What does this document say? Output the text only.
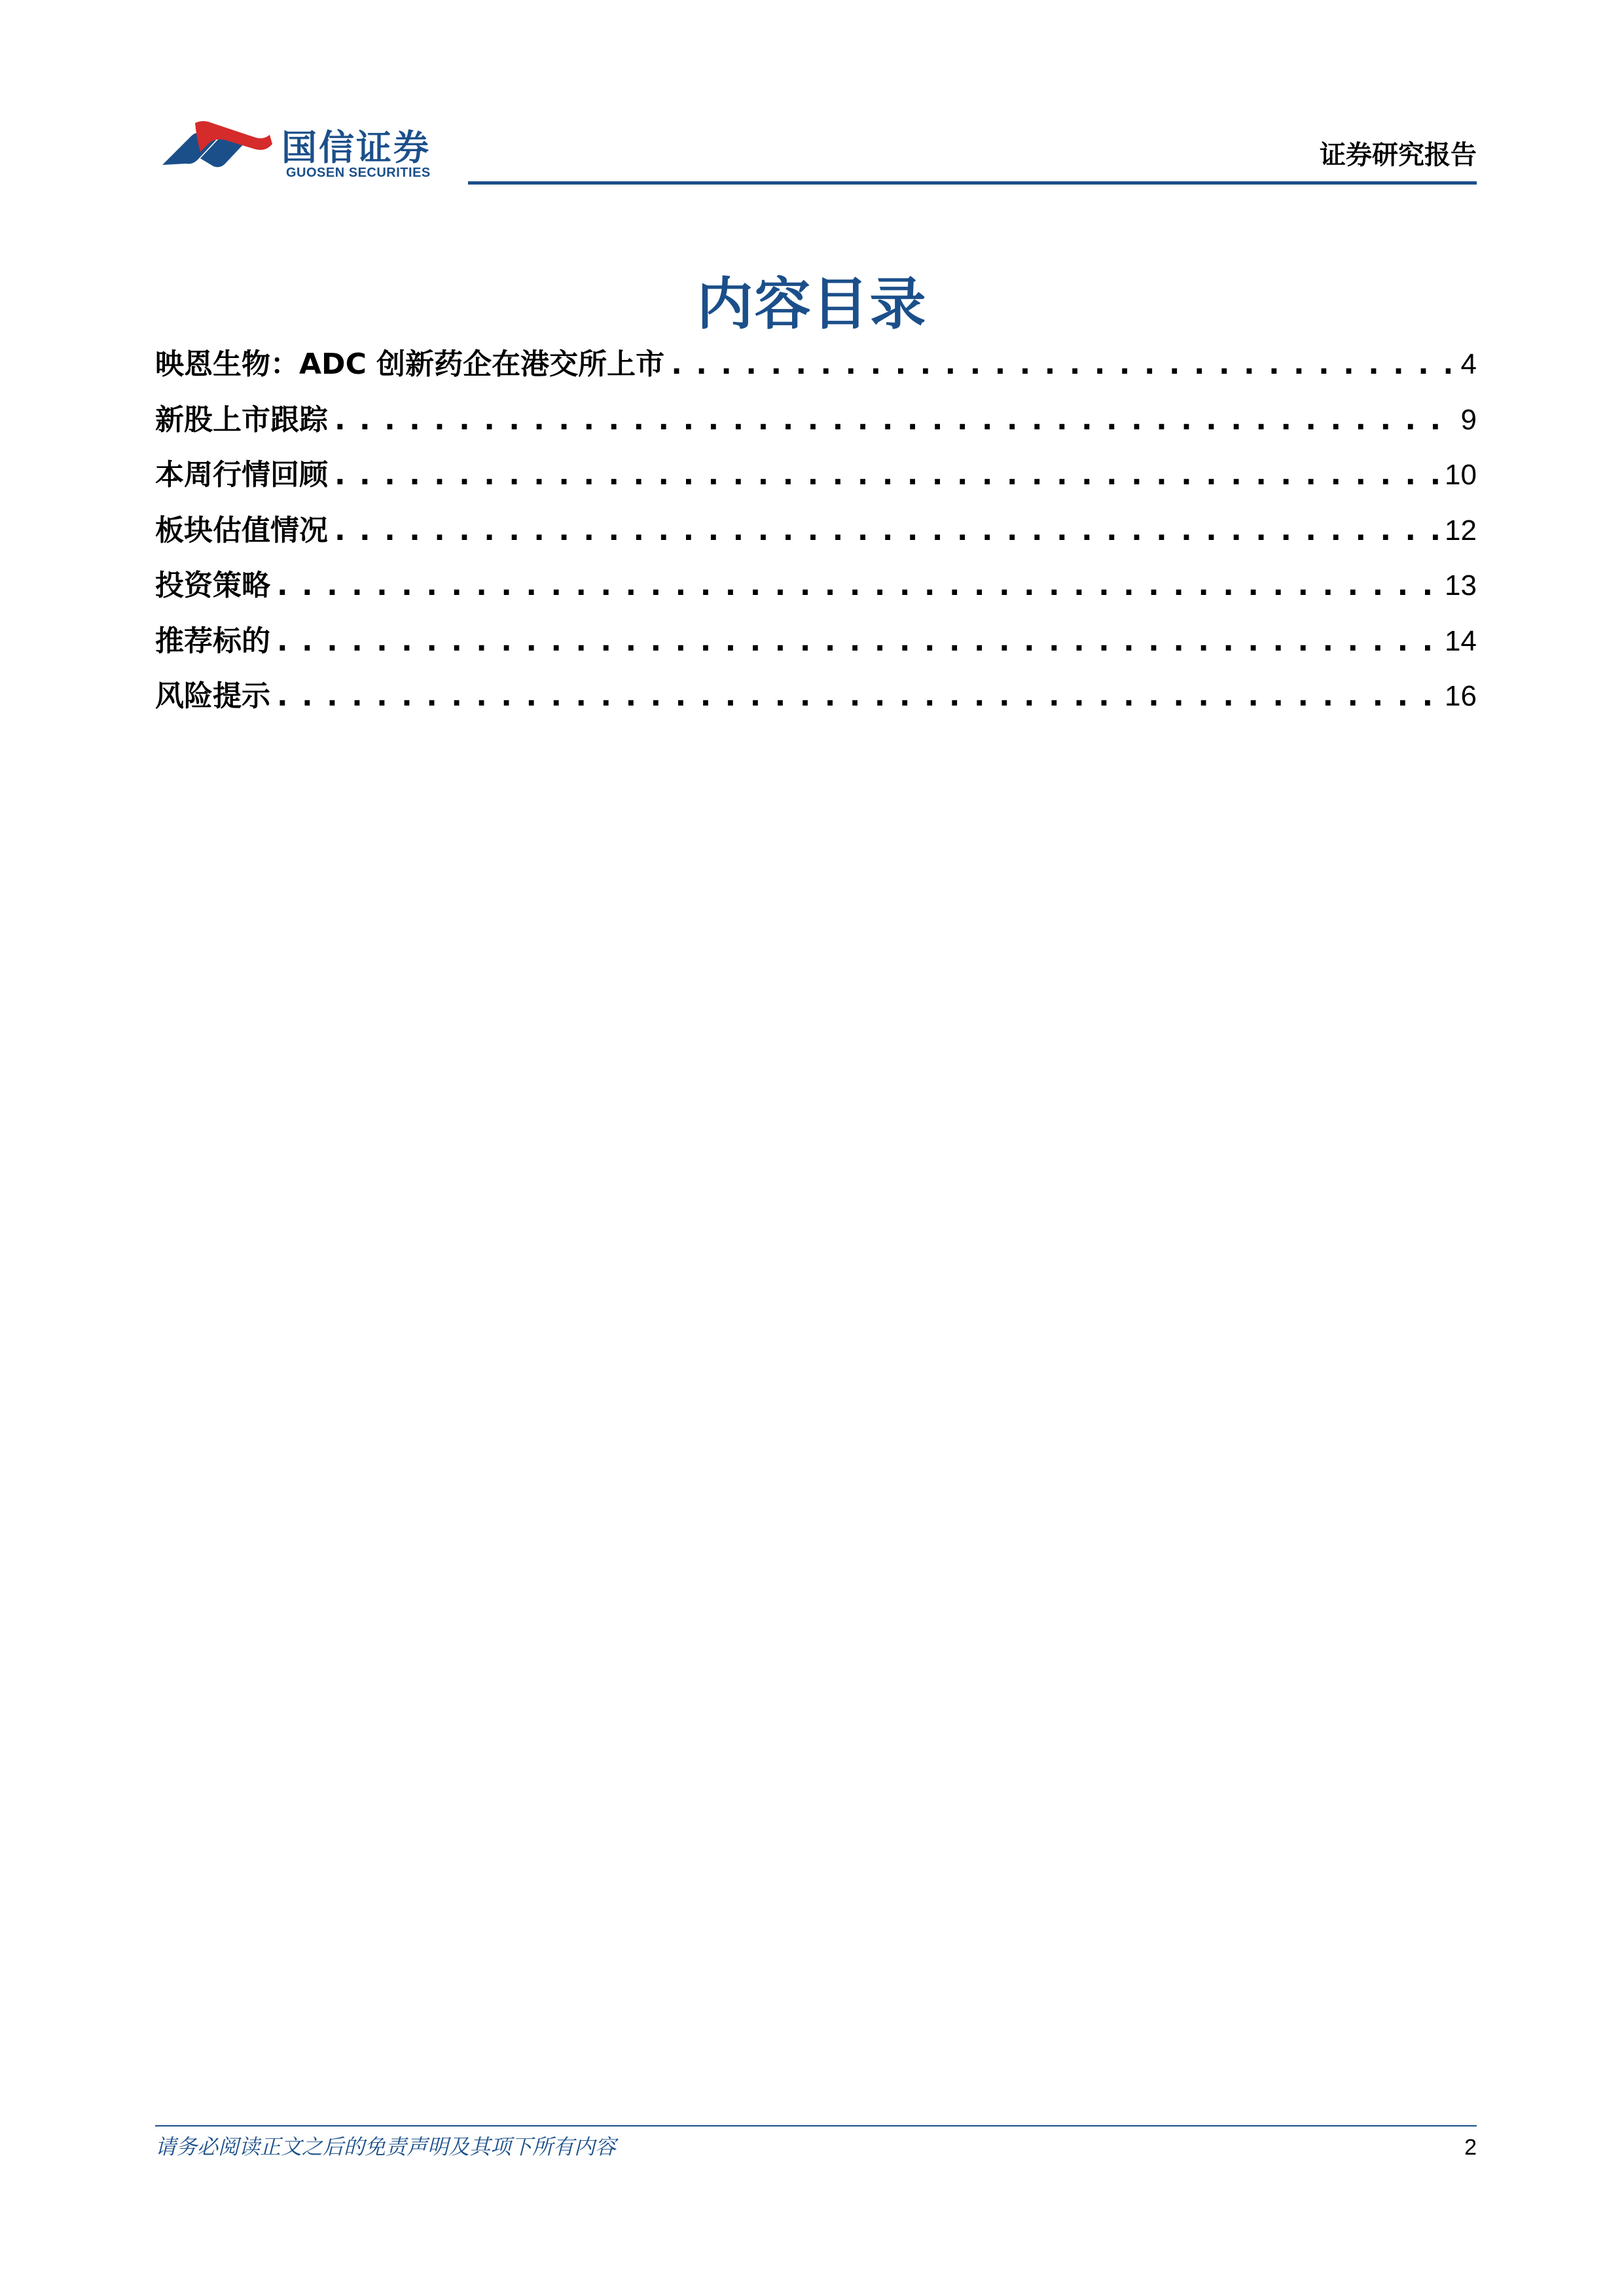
国信证券
GUOSEN SECURITIES
证券研究报告
内容目录
映恩生物：ADC 创新药企在港交所上市 . . .	4
新股上市跟踪 . . .	9
本周行情回顾 . . .	10
板块估值情况 . . .	12
投资策略 . . .	13
推荐标的 . . .	14
风险提示 . . .	16
请务必阅读正文之后的免责声明及其项下所有内容	2
